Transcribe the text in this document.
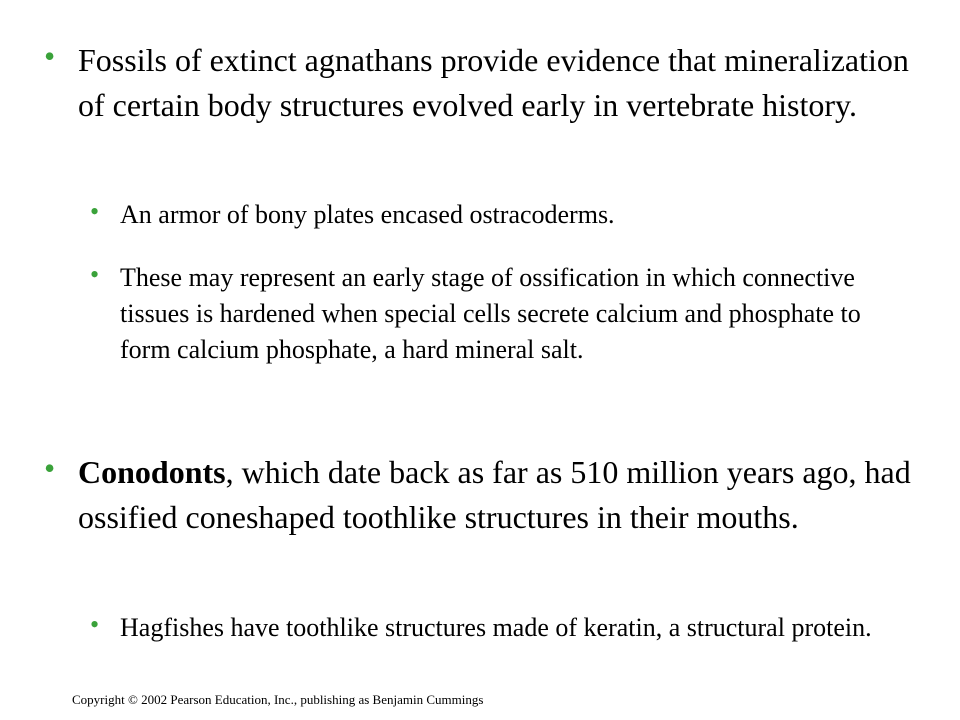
• Fossils of extinct agnathans provide evidence that mineralization of certain body structures evolved early in vertebrate history.
• An armor of bony plates encased ostracoderms.
• These may represent an early stage of ossification in which connective tissues is hardened when special cells secrete calcium and phosphate to form calcium phosphate, a hard mineral salt.
• Conodonts, which date back as far as 510 million years ago, had ossified coneshaped toothlike structures in their mouths.
• Hagfishes have toothlike structures made of keratin, a structural protein.
Copyright © 2002 Pearson Education, Inc., publishing as Benjamin Cummings
